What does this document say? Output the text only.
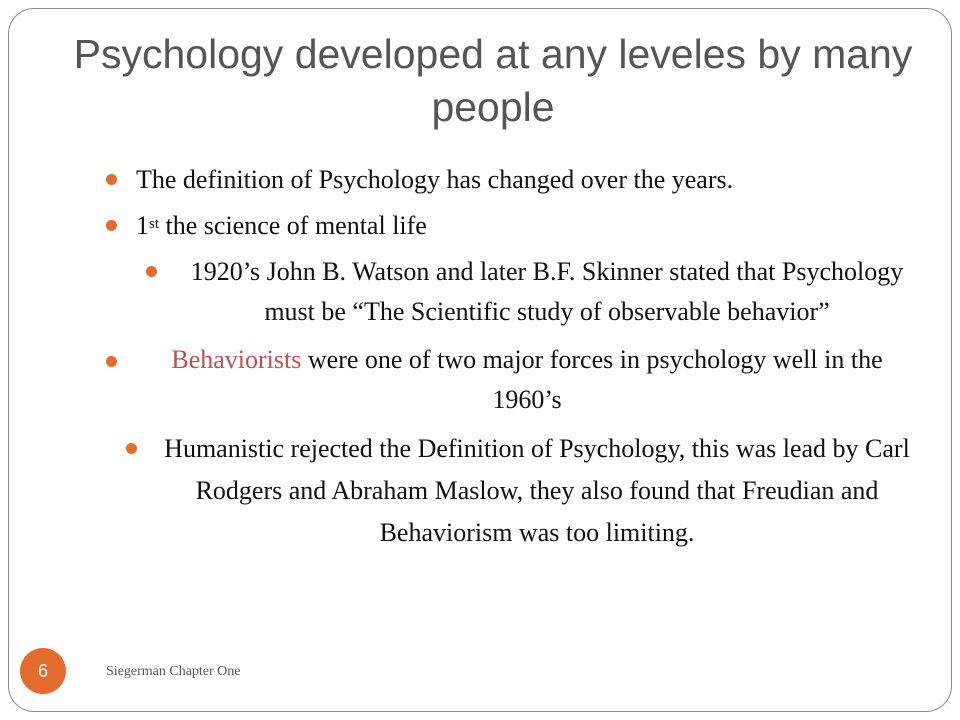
Psychology developed at any leveles by many people
The definition of Psychology has changed over the years.
1st the science of mental life
1920’s John B. Watson and later B.F. Skinner stated that Psychology must be “The Scientific study of observable behavior”
Behaviorists were one of two major forces in psychology well in the 1960’s
Humanistic rejected the Definition of Psychology, this was lead by Carl Rodgers and Abraham Maslow, they also found that Freudian and Behaviorism was too limiting.
6	Siegerman Chapter One
